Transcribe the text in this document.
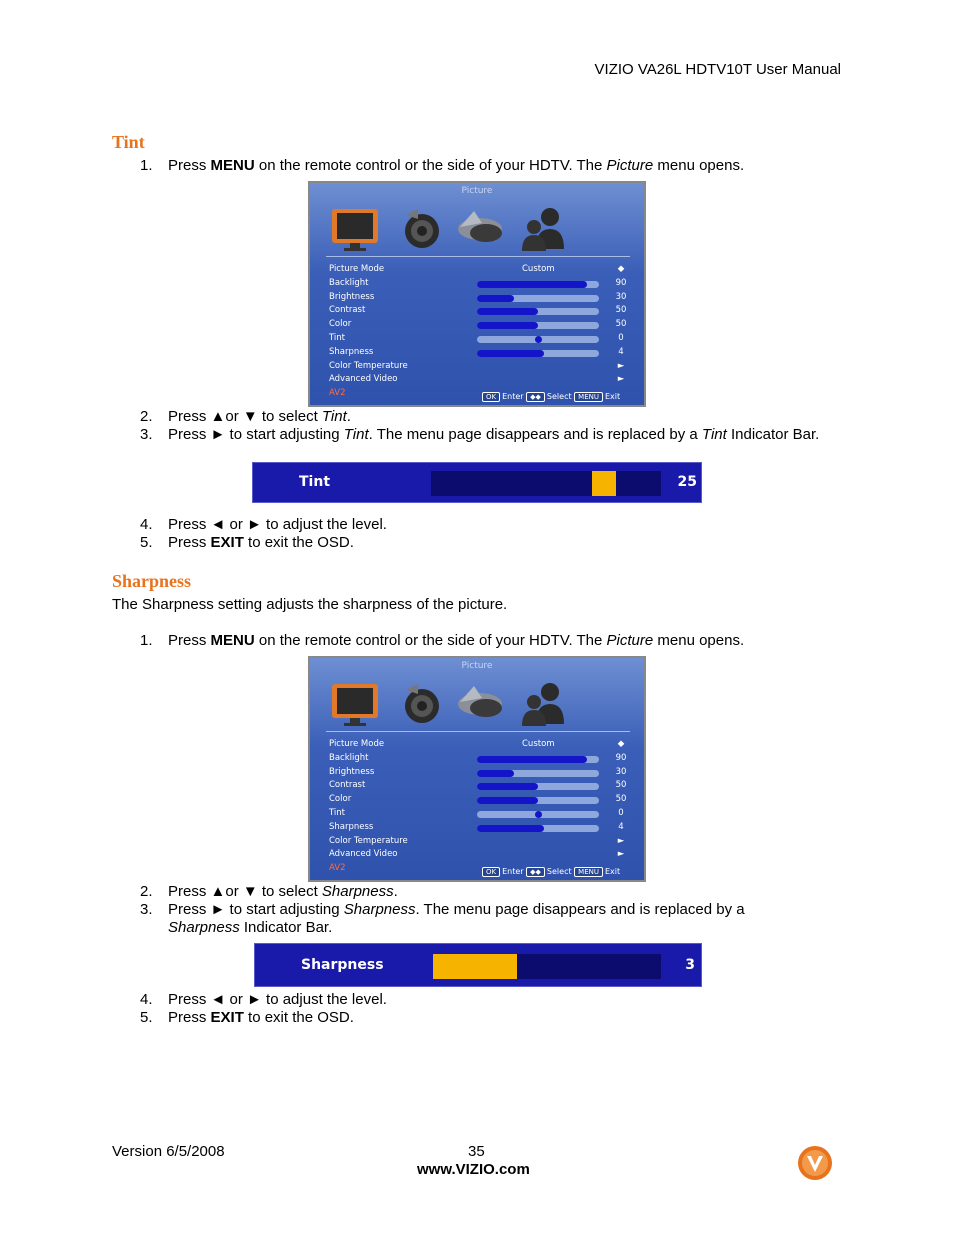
VIZIO VA26L HDTV10T User Manual
Tint
1.	Press MENU on the remote control or the side of your HDTV. The Picture menu opens.
Picture
Picture Mode	Custom	◆
Backlight	90
Brightness	30
Contrast	50
Color	50
Tint	0
Sharpness	4
Color Temperature	►
Advanced Video	►
AV2	OK Enter ◆◆ Select MENU Exit
2.	Press ▲or ▼ to select Tint.
3.	Press ► to start adjusting Tint. The menu page disappears and is replaced by a Tint Indicator Bar.
Tint	25
4.	Press ◄ or ► to adjust the level.
5.	Press EXIT to exit the OSD.
Sharpness
The Sharpness setting adjusts the sharpness of the picture.
1.	Press MENU on the remote control or the side of your HDTV. The Picture menu opens.
Picture
Picture Mode	Custom	◆
Backlight	90
Brightness	30
Contrast	50
Color	50
Tint	0
Sharpness	4
Color Temperature	►
Advanced Video	►
AV2	OK Enter ◆◆ Select MENU Exit
2.	Press ▲or ▼ to select Sharpness.
3.	Press ► to start adjusting Sharpness. The menu page disappears and is replaced by a Sharpness Indicator Bar.
Sharpness	3
4.	Press ◄ or ► to adjust the level.
5.	Press EXIT to exit the OSD.
Version 6/5/2008	35
www.VIZIO.com
